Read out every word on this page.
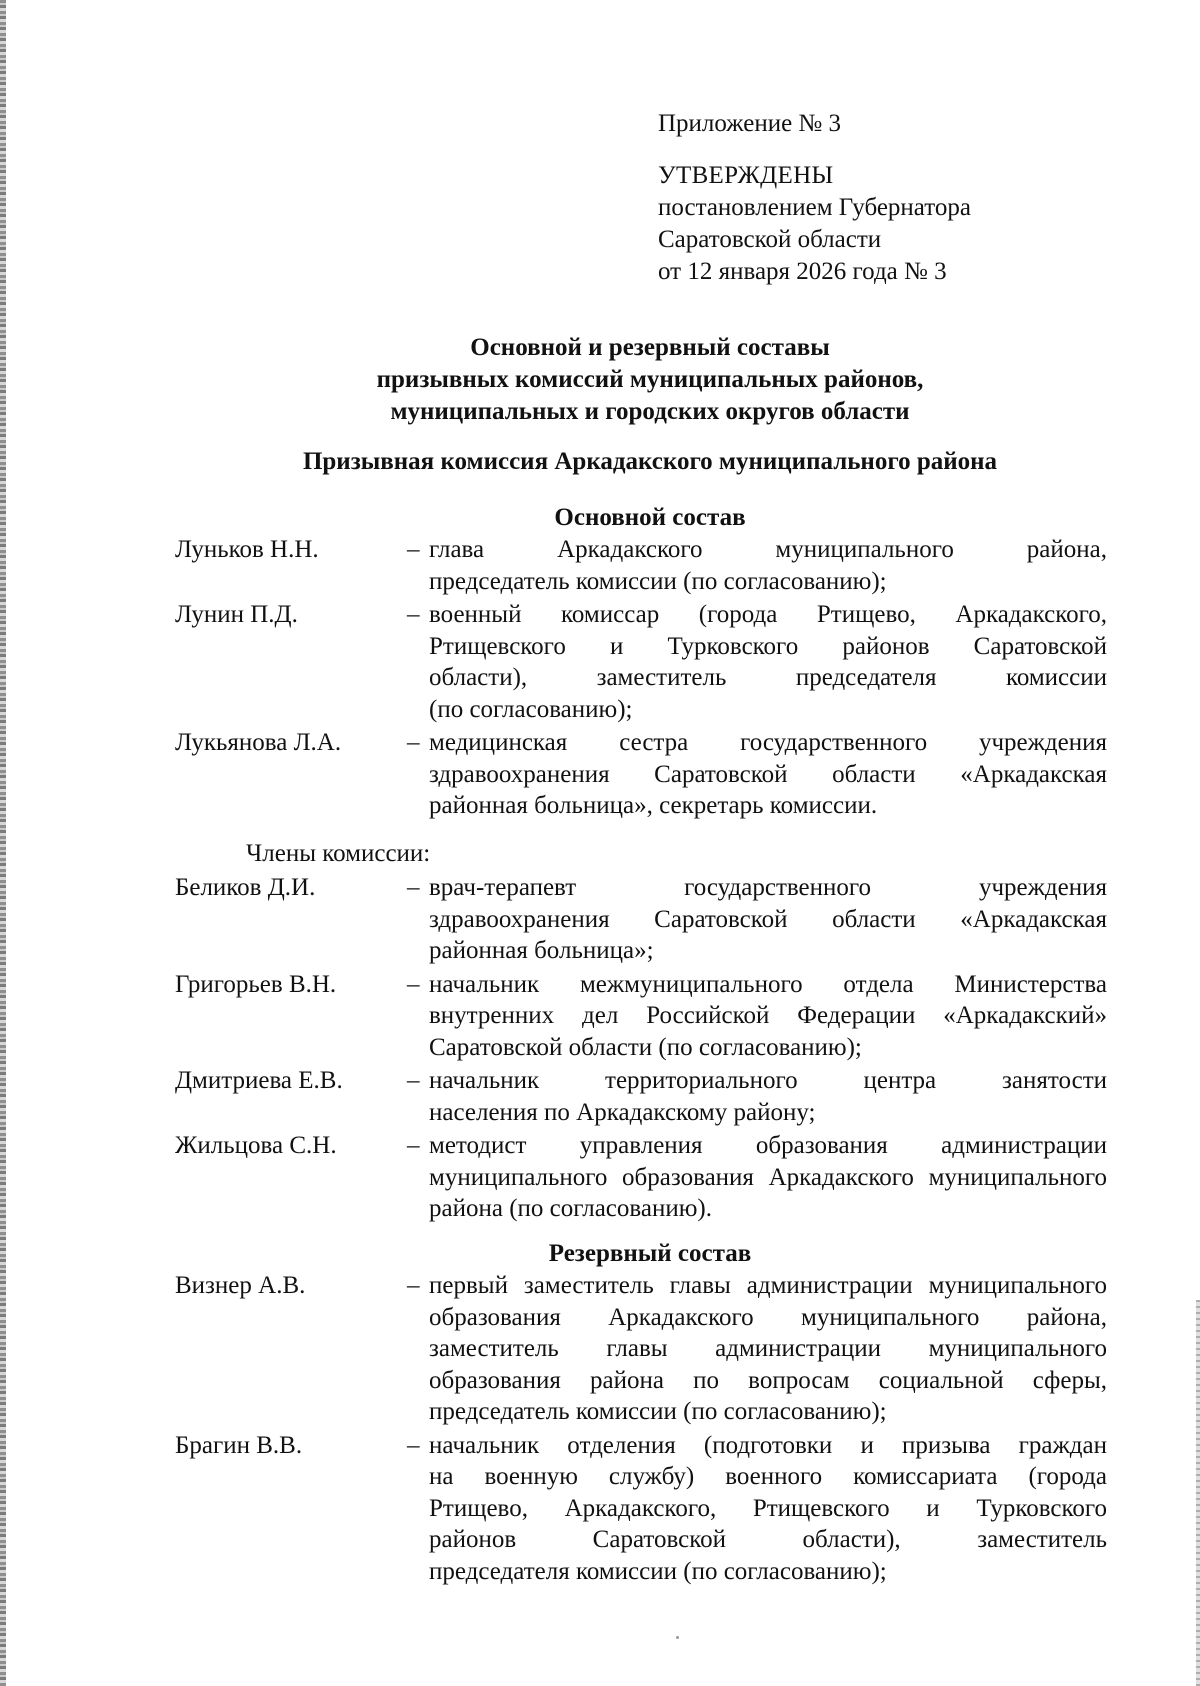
Приложение № 3
УТВЕРЖДЕНЫ
постановлением Губернатора
Саратовской области
от 12 января 2026 года № 3
Основной и резервный составы
призывных комиссий муниципальных районов,
муниципальных и городских округов области
Призывная комиссия Аркадакского муниципального района
Основной состав
Луньков Н.Н.	– глава Аркадакского муниципального района,
председатель комиссии (по согласованию);
Лунин П.Д.	– военный комиссар (города Ртищево, Аркадакского,
Ртищевского и Турковского районов Саратовской
области), заместитель председателя комиссии
(по согласованию);
Лукьянова Л.А.	– медицинская сестра государственного учреждения
здравоохранения Саратовской области «Аркадакская
районная больница», секретарь комиссии.
Члены комиссии:
Беликов Д.И.	– врач-терапевт государственного учреждения
здравоохранения Саратовской области «Аркадакская
районная больница»;
Григорьев В.Н.	– начальник межмуниципального отдела Министерства
внутренних дел Российской Федерации «Аркадакский»
Саратовской области (по согласованию);
Дмитриева Е.В.	– начальник территориального центра занятости
населения по Аркадакскому району;
Жильцова С.Н.	– методист управления образования администрации
муниципального образования Аркадакского муниципального
района (по согласованию).
Резервный состав
Визнер А.В.	– первый заместитель главы администрации муниципального
образования Аркадакского муниципального района,
заместитель главы администрации муниципального
образования района по вопросам социальной сферы,
председатель комиссии (по согласованию);
Брагин В.В.	– начальник отделения (подготовки и призыва граждан
на военную службу) военного комиссариата (города
Ртищево, Аркадакского, Ртищевского и Турковского
районов Саратовской области), заместитель
председателя комиссии (по согласованию);
